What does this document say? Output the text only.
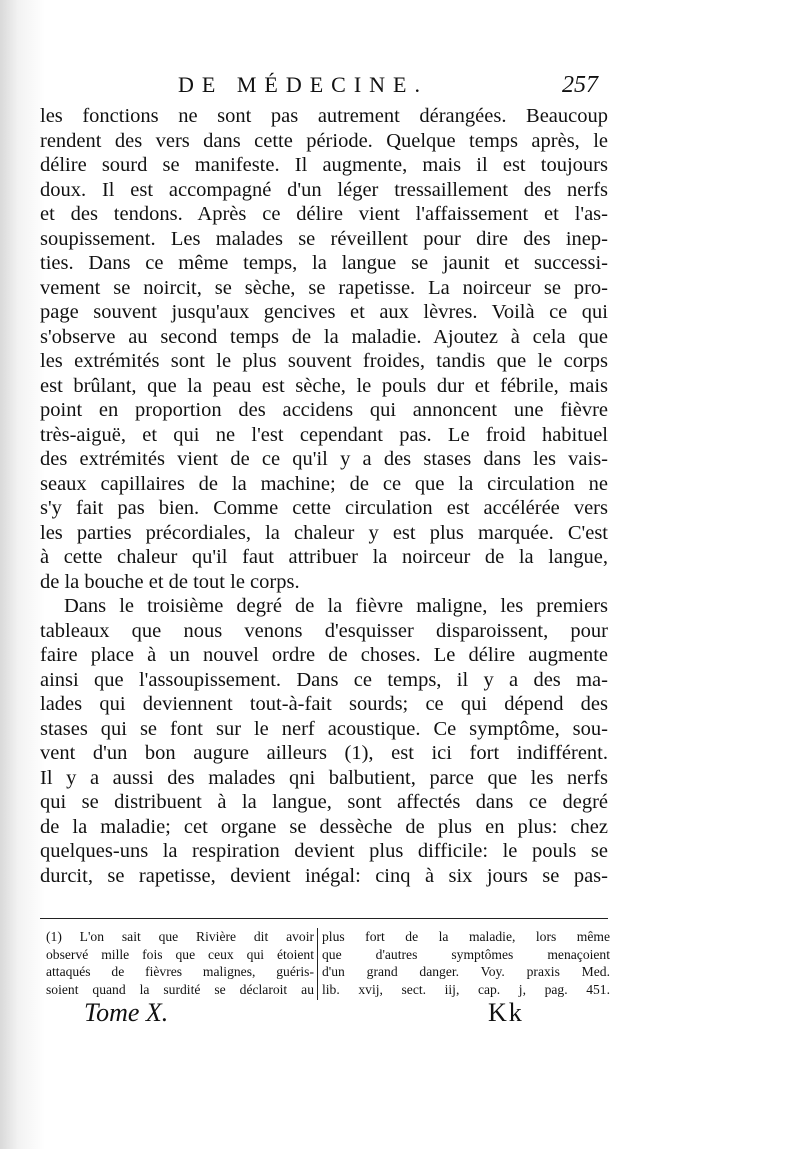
DE MÉDECINE.	257
les fonctions ne sont pas autrement dérangées. Beaucoup
rendent des vers dans cette période. Quelque temps après, le
délire sourd se manifeste. Il augmente, mais il est toujours
doux. Il est accompagné d'un léger tressaillement des nerfs
et des tendons. Après ce délire vient l'affaissement et l'as-
soupissement. Les malades se réveillent pour dire des inep-
ties. Dans ce même temps, la langue se jaunit et successi-
vement se noircit, se sèche, se rapetisse. La noirceur se pro-
page souvent jusqu'aux gencives et aux lèvres. Voilà ce qui
s'observe au second temps de la maladie. Ajoutez à cela que
les extrémités sont le plus souvent froides, tandis que le corps
est brûlant, que la peau est sèche, le pouls dur et fébrile, mais
point en proportion des accidens qui annoncent une fièvre
très-aiguë, et qui ne l'est cependant pas. Le froid habituel
des extrémités vient de ce qu'il y a des stases dans les vais-
seaux capillaires de la machine; de ce que la circulation ne
s'y fait pas bien. Comme cette circulation est accélérée vers
les parties précordiales, la chaleur y est plus marquée. C'est
à cette chaleur qu'il faut attribuer la noirceur de la langue,
de la bouche et de tout le corps.
Dans le troisième degré de la fièvre maligne, les premiers
tableaux que nous venons d'esquisser disparoissent, pour
faire place à un nouvel ordre de choses. Le délire augmente
ainsi que l'assoupissement. Dans ce temps, il y a des ma-
lades qui deviennent tout-à-fait sourds; ce qui dépend des
stases qui se font sur le nerf acoustique. Ce symptôme, sou-
vent d'un bon augure ailleurs (1), est ici fort indifférent.
Il y a aussi des malades qni balbutient, parce que les nerfs
qui se distribuent à la langue, sont affectés dans ce degré
de la maladie; cet organe se dessèche de plus en plus: chez
quelques-uns la respiration devient plus difficile: le pouls se
durcit, se rapetisse, devient inégal: cinq à six jours se pas-
(1) L'on sait que Rivière dit avoir
observé mille fois que ceux qui étoient
attaqués de fièvres malignes, guéris-
soient quand la surdité se déclaroit au
plus fort de la maladie, lors même
que d'autres symptômes menaçoient
d'un grand danger. Voy. praxis Med.
lib. xvij, sect. iij, cap. j, pag. 451.
Tome X.	Kk
